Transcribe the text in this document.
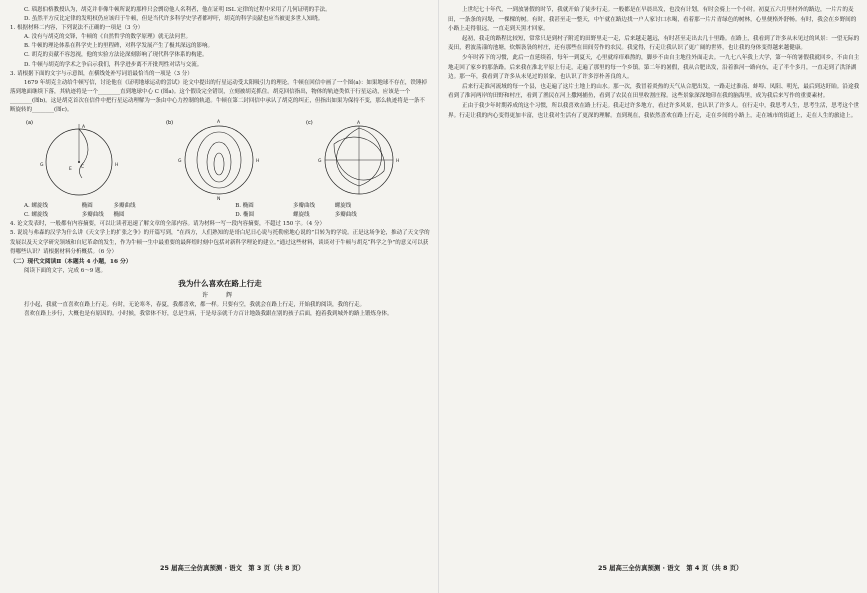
C. 瑙恩伯格教授认为，胡克并非像牛顿所说的那样只会剽窃他人名利者，他在证明 ISL 定律的过程中采用了几何证明的手法。

D. 虽然平方反比定律的发明权仍应该归于牛顿，但是当代许多科学史学者都呼吁，胡克的科学贡献也应当被更多世人知晓。

1. 根据材料二内容，下列说法不正确的一项是（3 分）

A. 没有与胡克的交锋，牛顿的《自然哲学的数学原理》就无法问世。

B. 牛顿的理论体系在科学史上的里程碑，对科学发展产生了极其深远的影响。

C. 胡克的贡献不容忽视，他的实验方法论深刻影响了现代科学体系的构建。

D. 牛顿与胡克的学术之争启示我们，科学进步离不开批判性对话与交流。

3. 请根据下面的文字与示意图，在横线处补写词语最恰当的一项是（3 分）

1679 年胡克主动给牛顿写信，讨论他在《证明地球运动的尝试》论文中提出的行星运动受太阳吸引力的理论。牛顿在回信中画了一个图(a)：如果地球不存在，铁锤掉落到地面继续下落，其轨迹将是一个________直到地球中心 C (图a)。这个假设完全错误，立刻被胡克抓住。胡克回信指出，物体的轨迹类似于行星运动，应该是一个________(图b)。这是胡克首次在信件中把行星运动理解为一条由中心力控制的轨道。牛顿在第二封回信中承认了胡克的纠正，但指出如果为保持不变，那么轨迹将是一条不断旋转的________(图c)。

(a)
A
G	H
C
E
(b)	A
G	H
N
(c)	A
G	H
A. 螺旋线	椭圆	多瓣曲线	B. 椭圆	多瓣曲线	螺旋线
C. 螺旋线	多瓣曲线 椭圆	D. 椭圆	螺旋线	多瓣曲线

4. 论文发表时，一般都有内容摘要，可以让读者迅速了解文章的全部内容。请为材料一写一段内容摘要，不超过 150 字。（4 分）

5. 说说与弗森的汉学为什么讲《天文学上的扩张之争》的开篇写到，“在西方，人们熟知的是哥白尼日心说与托勒密地心说的”目转为的学说。正是这场争论，推动了天文学的发展以及天文学研究领域和自尼革命的发生，作为牛顿一生中最重要的最辉煌时刻中包括对新科学理论的建立。”通过这些材料，谈谈对于牛顿与胡克“科学之争”的意义可以获得哪些认识？请根据材料分析概括。（6 分）

（二）现代文阅读Ⅱ（本题共 4 小题，16 分）

阅读下面的文字，完成 6～9 题。

我为什么喜欢在路上行走

许　辉

打小起，我就一直喜欢在路上行走。有时，无论寒冬，春夏，我都喜欢，都一样。只要有空，我就会在路上行走，开始我的阅读，我的行走。

喜欢在路上步行，大概也是有原因的。小时候，我常体不好，总是生病，于是母亲就千方百计地鼓我跟在别的孩子后面，抱着我到城外的路上锻炼身体。

25 届高三全仿真预测 · 语文　第 3 页（共 8 页）

上世纪七十年代，一到放暑假的时节，我就开始了徒步行走。一般都是在早晨出发，也没有计划，有时会骑上一个小时。初夏五六月里村外的路边，一片片的麦田，一条条的河堤，一棵棵的树。有时，我甚至走一整天，中午就在路边找一户人家讨口水喝，看着那一片片青绿色的树林，心里便格外舒畅。有时，我会在乡野间的小路上走得很远，一直走到天黑才回家。

起初，我走的路程比较短，常常只是到村子附近的田野里走一走，后来越走越远，有时甚至走出去几十里路。在路上，我看到了许多从未见过的风景：一望无际的麦田，碧波荡漾的池塘，炊烟袅袅的村庄，还有那些在田间劳作的农民。我觉得，行走让我认识了更广阔的世界，也让我的身体变得越来越健康。

少年时养下的习惯，此后一直延续着，每年一到夏天，心里就痒痒难熬的，脚步不由自主地往外面走去。一九七八年我上大学，第一年的暑假我就回乡，不由自主地走回了家乡的那条路。后来我在淮北平原上行走，走遍了那里的每一个乡镇。第二年的暑假，我从合肥出发，沿着淮河一路向东，走了半个多月，一直走到了洪泽湖边。那一年，我看到了许多从未见过的景象，也认识了许多淳朴善良的人。

后来行走淮河流域的每一个县，也走遍了这片土地上的山水。那一次，我冒着炎热的天气从合肥出发，一路走过淮南、蚌埠、凤阳、明光，最后到达盱眙。沿途我看到了淮河两岸的田野和村庄，看到了渔民在河上撒网捕鱼，看到了农民在田里收割庄稼。这些景象深深地印在我的脑海里，成为我后来写作的重要素材。

正由于我少年时期养成的这个习惯，所以我喜欢在路上行走。我走过许多地方，看过许多风景，也认识了许多人。在行走中，我思考人生，思考生活，思考这个世界。行走让我的内心变得更加丰富，也让我对生活有了更深的理解。直到现在，我依然喜欢在路上行走，走在乡间的小路上，走在城市的街道上，走在人生的旅途上。

25 届高三全仿真预测 · 语文　第 4 页（共 8 页）
